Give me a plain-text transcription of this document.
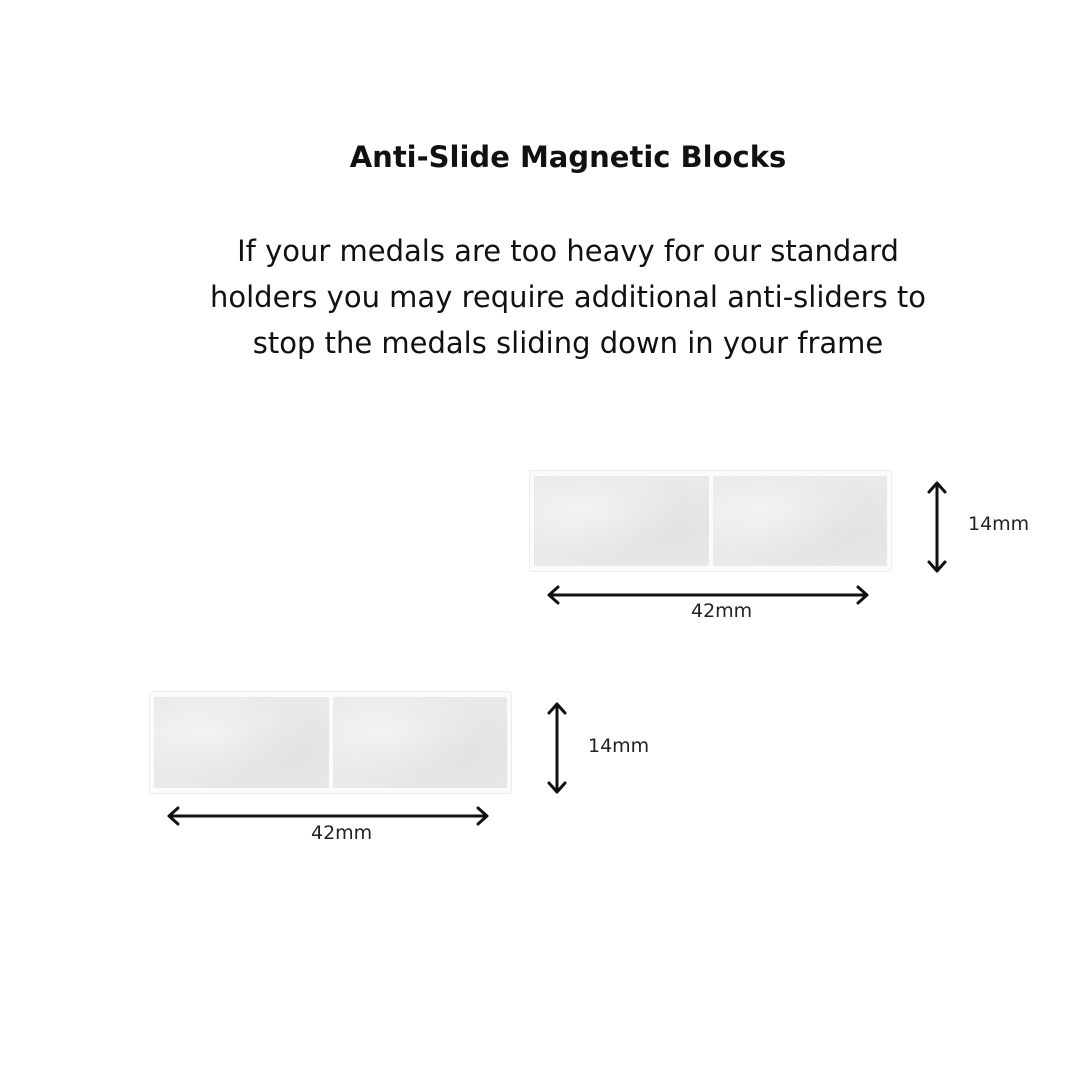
Anti-Slide Magnetic Blocks
If your medals are too heavy for our standard holders you may require additional anti-sliders to stop the medals sliding down in your frame
14mm
42mm
14mm
42mm
